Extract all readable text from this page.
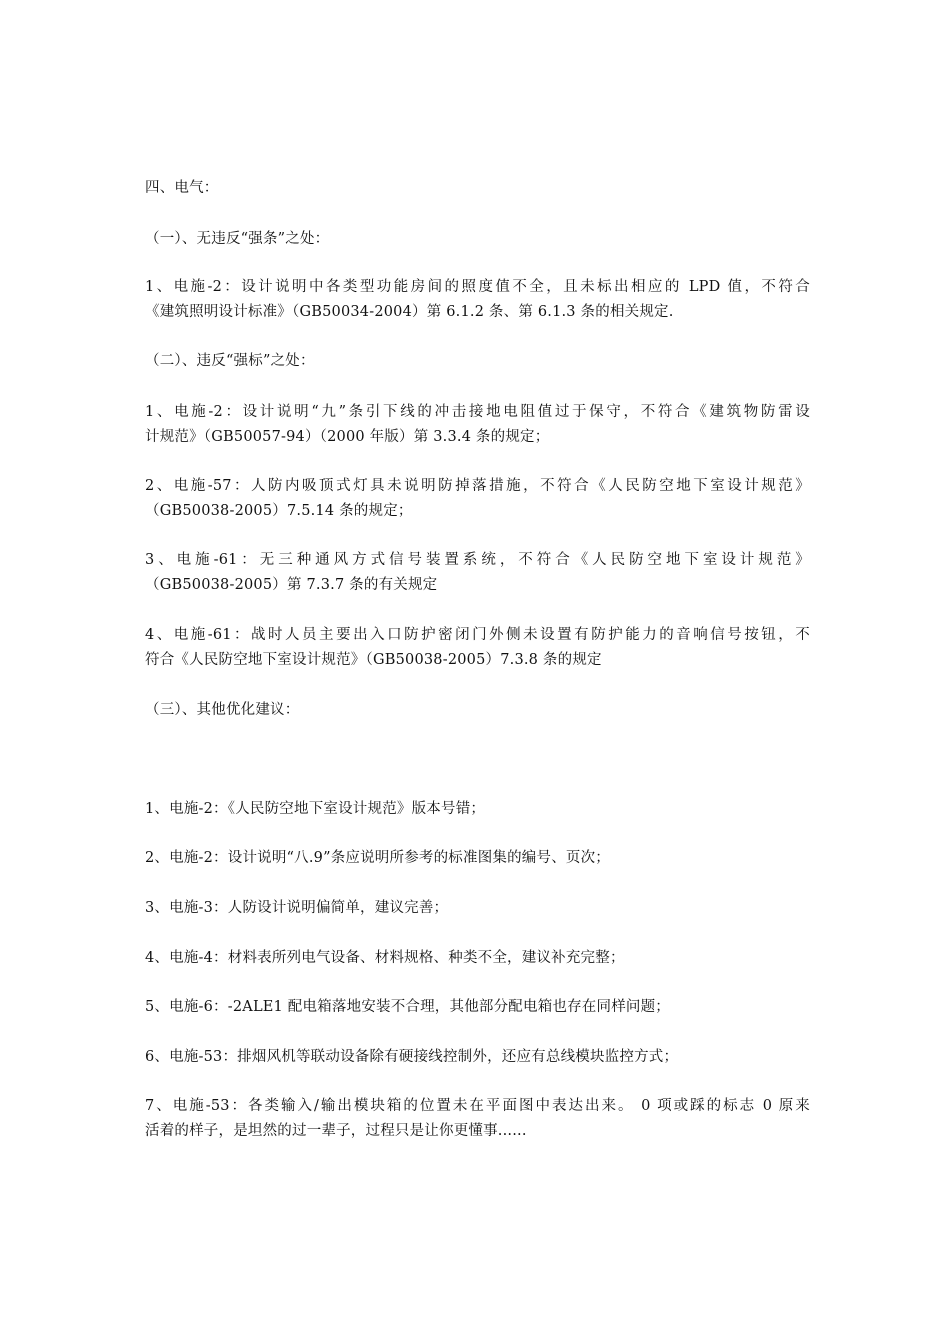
四、电气：
（一）、无违反“强条”之处：
1、电施-2：设计说明中各类型功能房间的照度值不全，且未标出相应的 LPD 值，不符合
《建筑照明设计标准》（GB50034-2004）第 6.1.2 条、第 6.1.3 条的相关规定.
（二）、违反“强标”之处：
1、电施-2：设计说明“九”条引下线的冲击接地电阻值过于保守，不符合《建筑物防雷设
计规范》（GB50057-94）（2000 年版）第 3.3.4 条的规定；
2、电施-57：人防内吸顶式灯具未说明防掉落措施，不符合《人民防空地下室设计规范》
（GB50038-2005）7.5.14 条的规定；
3、电施-61：无三种通风方式信号装置系统，不符合《人民防空地下室设计规范》
（GB50038-2005）第 7.3.7 条的有关规定
4、电施-61：战时人员主要出入口防护密闭门外侧未设置有防护能力的音响信号按钮，不
符合《人民防空地下室设计规范》（GB50038-2005）7.3.8 条的规定
（三）、其他优化建议：
1、电施-2：《人民防空地下室设计规范》版本号错；
2、电施-2：设计说明“八.9”条应说明所参考的标准图集的编号、页次；
3、电施-3：人防设计说明偏简单，建议完善；
4、电施-4：材料表所列电气设备、材料规格、种类不全，建议补充完整；
5、电施-6：-2ALE1 配电箱落地安装不合理，其他部分配电箱也存在同样问题；
6、电施-53：排烟风机等联动设备除有硬接线控制外，还应有总线模块监控方式；
7、电施-53：各类输入/输出模块箱的位置未在平面图中表达出来。 0 项或踩的标志 0 原来
活着的样子，是坦然的过一辈子，过程只是让你更懂事......
